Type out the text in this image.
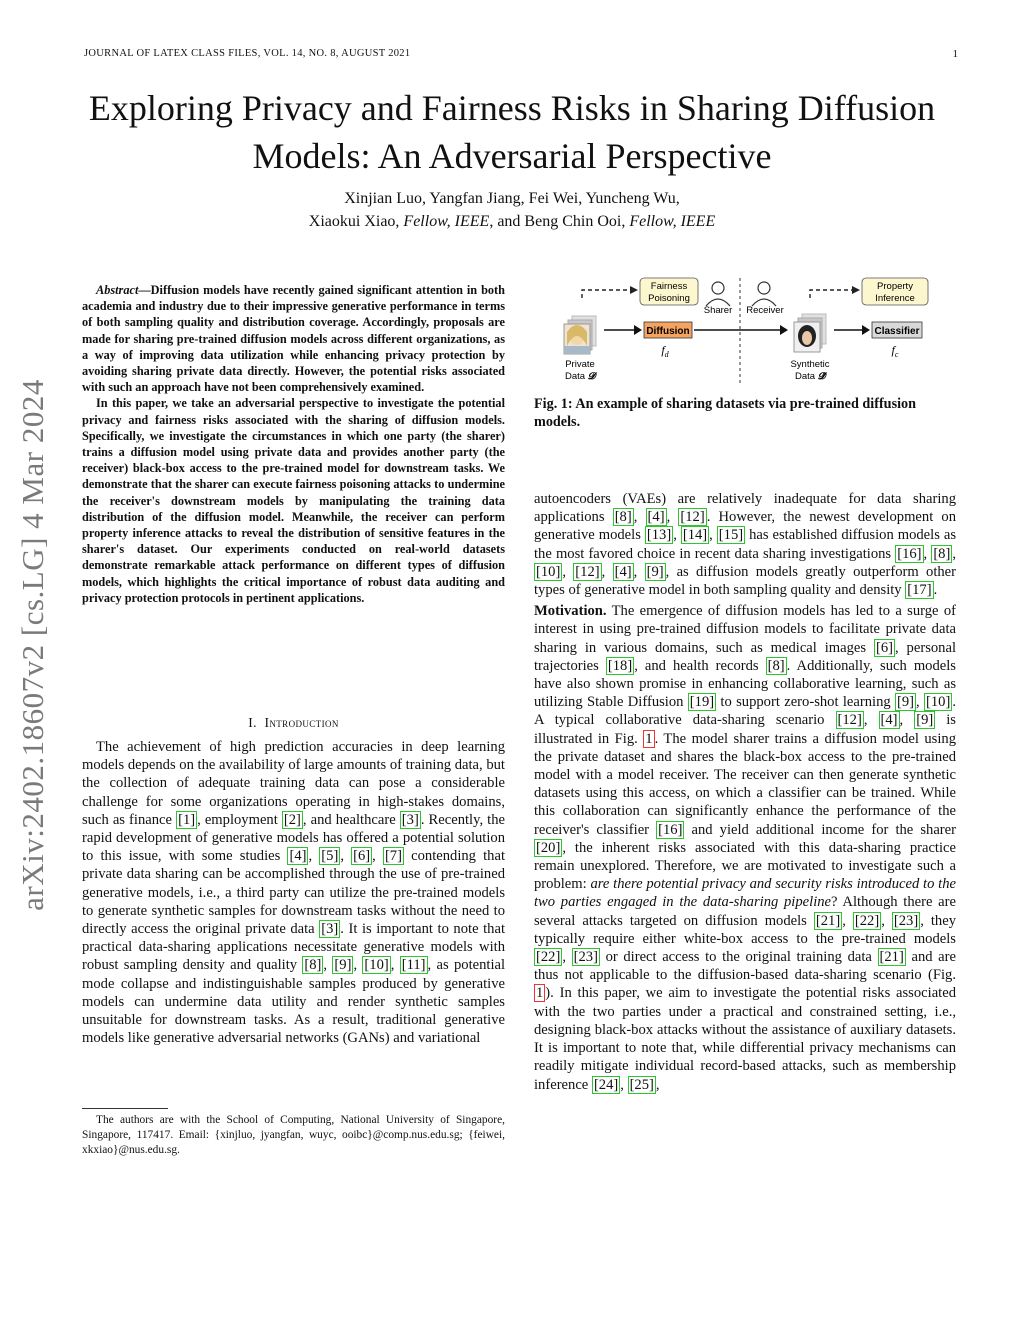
JOURNAL OF LATEX CLASS FILES, VOL. 14, NO. 8, AUGUST 2021	1
Exploring Privacy and Fairness Risks in Sharing Diffusion Models: An Adversarial Perspective
Xinjian Luo, Yangfan Jiang, Fei Wei, Yuncheng Wu,
Xiaokui Xiao, Fellow, IEEE, and Beng Chin Ooi, Fellow, IEEE
arXiv:2402.18607v2 [cs.LG] 4 Mar 2024

Abstract—Diffusion models have recently gained significant attention in both academia and industry due to their impressive generative performance in terms of both sampling quality and distribution coverage. Accordingly, proposals are made for sharing pre-trained diffusion models across different organizations, as a way of improving data utilization while enhancing privacy protection by avoiding sharing private data directly. However, the potential risks associated with such an approach have not been comprehensively examined.

In this paper, we take an adversarial perspective to investigate the potential privacy and fairness risks associated with the sharing of diffusion models. Specifically, we investigate the circumstances in which one party (the sharer) trains a diffusion model using private data and provides another party (the receiver) black-box access to the pre-trained model for downstream tasks. We demonstrate that the sharer can execute fairness poisoning attacks to undermine the receiver's downstream models by manipulating the training data distribution of the diffusion model. Meanwhile, the receiver can perform property inference attacks to reveal the distribution of sensitive features in the sharer's dataset. Our experiments conducted on real-world datasets demonstrate remarkable attack performance on different types of diffusion models, which highlights the critical importance of robust data auditing and privacy protection protocols in pertinent applications.

I. Introduction

The achievement of high prediction accuracies in deep learning models depends on the availability of large amounts of training data, but the collection of adequate training data can pose a considerable challenge for some organizations operating in high-stakes domains, such as finance [1] , employment [2] , and healthcare [3] . Recently, the rapid development of generative models has offered a potential solution to this issue, with some studies [4] , [5] , [6] , [7] contending that private data sharing can be accomplished through the use of pre-trained generative models, i.e., a third party can utilize the pre-trained models to generate synthetic samples for downstream tasks without the need to directly access the original private data [3] . It is important to note that practical data-sharing applications necessitate generative models with robust sampling density and quality [8] , [9] , [10] , [11] , as potential mode collapse and indistinguishable samples produced by generative models can undermine data utility and render synthetic samples unsuitable for downstream tasks. As a result, traditional generative models like generative adversarial networks (GANs) and variational

The authors are with the School of Computing, National University of Singapore, Singapore, 117417. Email: {xinjluo, jyangfan, wuyc, ooibc}@comp.nus.edu.sg; {feiwei, xkxiao}@nus.edu.sg.

Fairness
Poisoning
Property
Inference
Sharer Receiver
Private
Data 𝓓
Diffusion
$f_d$
Synthetic
Data 𝓓̂
Classifier
$f_c$
Fig. 1: An example of sharing datasets via pre-trained diffusion models.

autoencoders (VAEs) are relatively inadequate for data sharing applications [8] , [4] , [12] . However, the newest development on generative models [13] , [14] , [15] has established diffusion models as the most favored choice in recent data sharing investigations [16] , [8] , [10] , [12] , [4] , [9] , as diffusion models greatly outperform other types of generative model in both sampling quality and density [17] .

Motivation. The emergence of diffusion models has led to a surge of interest in using pre-trained diffusion models to facilitate private data sharing in various domains, such as medical images [6] , personal trajectories [18] , and health records [8] . Additionally, such models have also shown promise in enhancing collaborative learning, such as utilizing Stable Diffusion [19] to support zero-shot learning [9] , [10] . A typical collaborative data-sharing scenario [12] , [4] , [9] is illustrated in Fig. 1 . The model sharer trains a diffusion model using the private dataset and shares the black-box access to the pre-trained model with a model receiver. The receiver can then generate synthetic datasets using this access, on which a classifier can be trained. While this collaboration can significantly enhance the performance of the receiver's classifier [16] and yield additional income for the sharer [20] , the inherent risks associated with this data-sharing practice remain unexplored. Therefore, we are motivated to investigate such a problem: are there potential privacy and security risks introduced to the two parties engaged in the data-sharing pipeline? Although there are several attacks targeted on diffusion models [21] , [22] , [23] , they typically require either white-box access to the pre-trained models [22] , [23] or direct access to the original training data [21] and are thus not applicable to the diffusion-based data-sharing scenario (Fig. 1 ). In this paper, we aim to investigate the potential risks associated with the two parties under a practical and constrained setting, i.e., designing black-box attacks without the assistance of auxiliary datasets. It is important to note that, while differential privacy mechanisms can readily mitigate individual record-based attacks, such as membership inference [24] , [25] ,
